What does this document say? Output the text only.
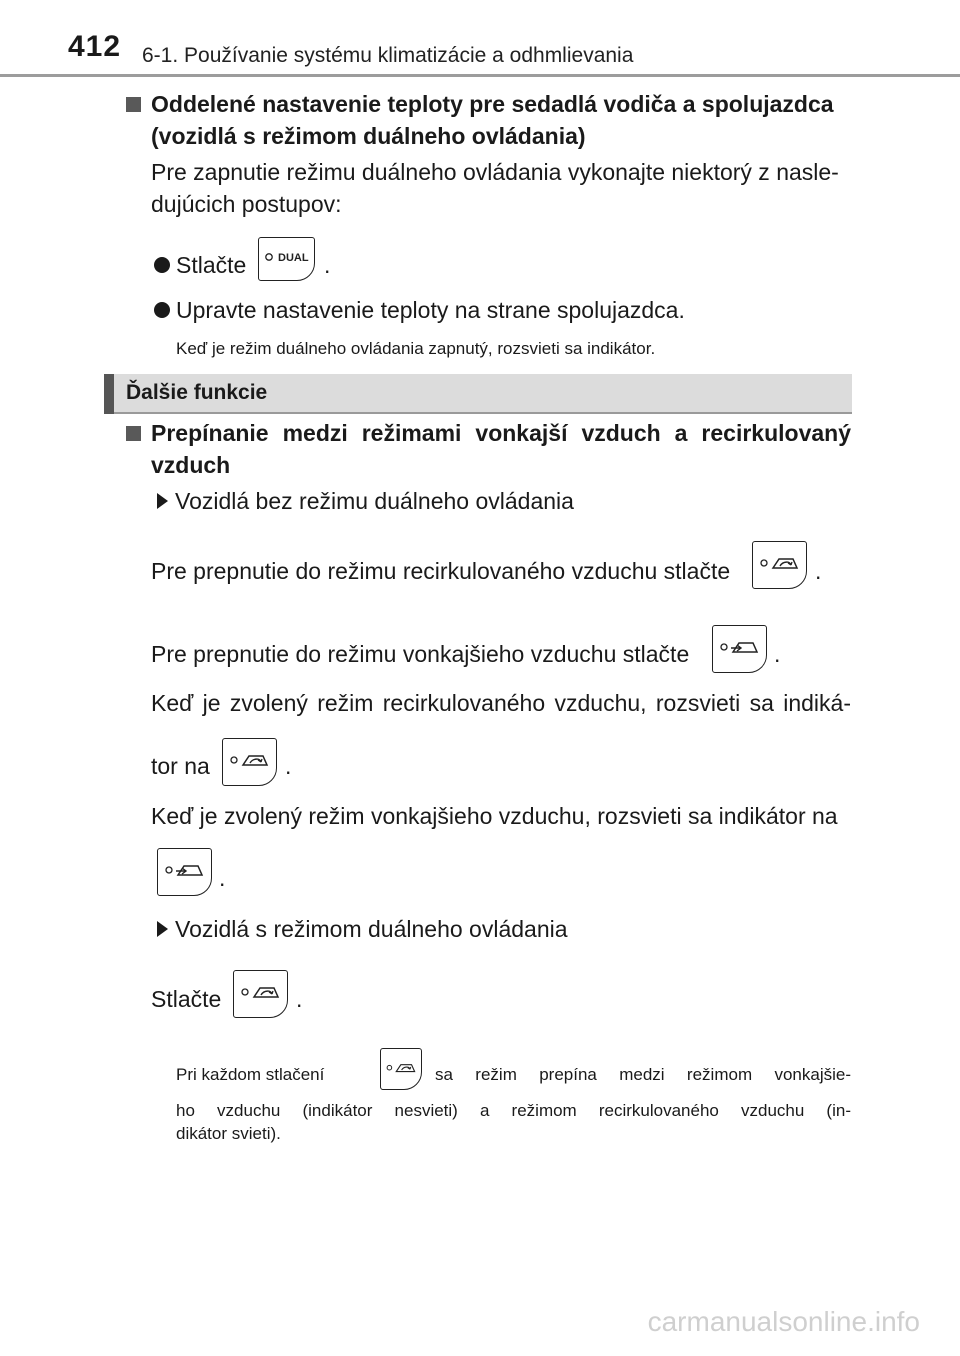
412 6-1. Používanie systému klimatizácie a odhmlievania
Oddelené nastavenie teploty pre sedadlá vodiča a spolujazdca
(vozidlá s režimom duálneho ovládania)
Pre zapnutie režimu duálneho ovládania vykonajte niektorý z nasle-
dujúcich postupov:
Stlačte	DUAL .
Upravte nastavenie teploty na strane spolujazdca.
Keď je režim duálneho ovládania zapnutý, rozsvieti sa indikátor.
Ďalšie funkcie
Prepínanie medzi režimami vonkajší vzduch a recirkulovaný
vzduch
Vozidlá bez režimu duálneho ovládania
Pre prepnutie do režimu recirkulovaného vzduchu stlačte	.
Pre prepnutie do režimu vonkajšieho vzduchu stlačte	.
Keď je zvolený režim recirkulovaného vzduchu, rozsvieti sa indiká-
tor na	.
Keď je zvolený režim vonkajšieho vzduchu, rozsvieti sa indikátor na
.
Vozidlá s režimom duálneho ovládania
Stlačte	.
Pri každom stlačení	sa režim prepína medzi režimom vonkajšie-
ho vzduchu (indikátor nesvieti) a režimom recirkulovaného vzduchu (in-
dikátor svieti).
carmanualsonline.info
